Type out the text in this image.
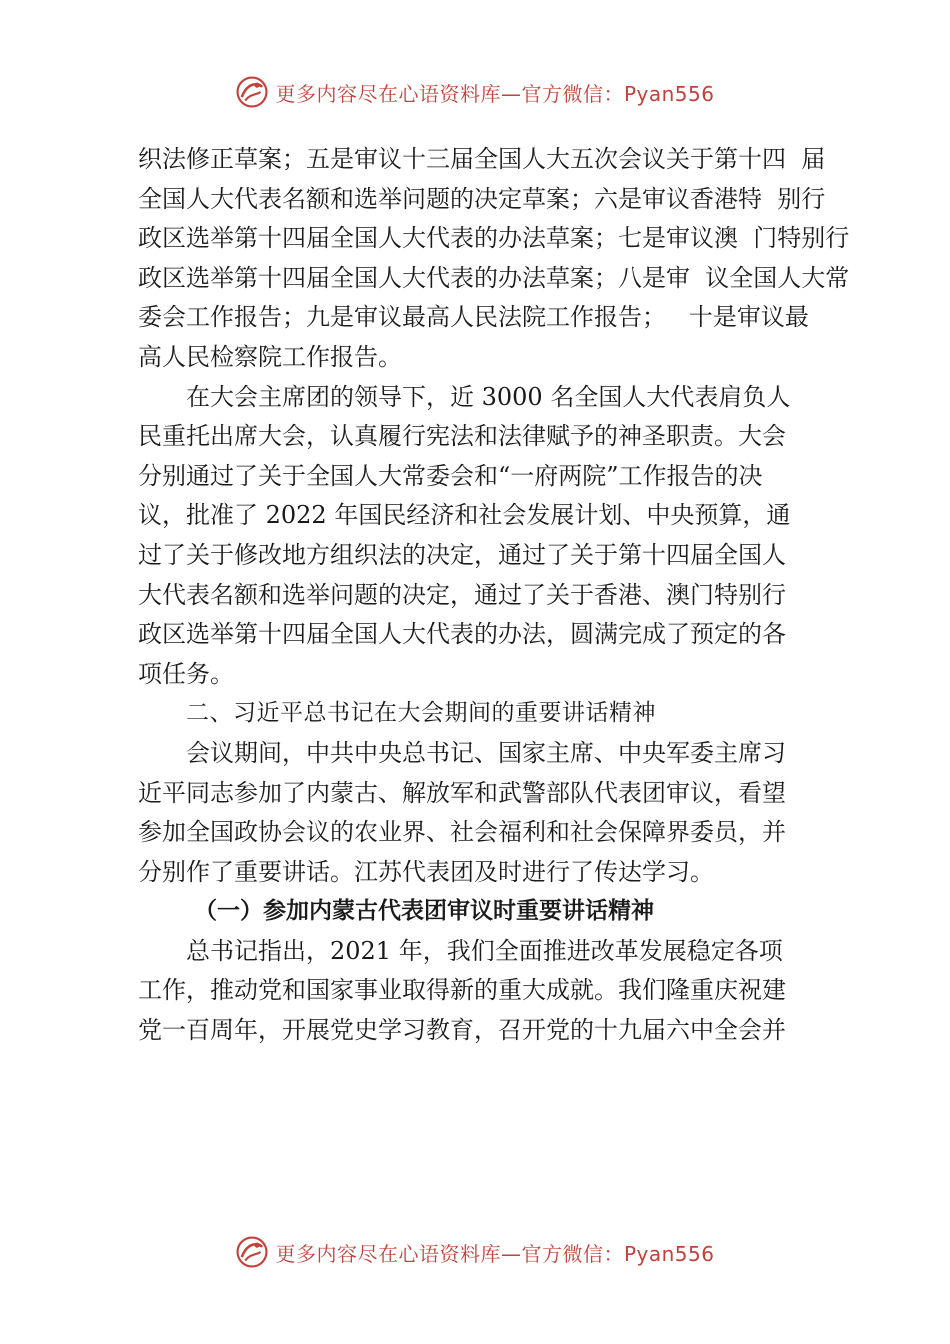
更多内容尽在心语资料库—官方微信：Pyan556
织法修正草案；五是审议十三届全国人大五次会议关于第十四  届
全国人大代表名额和选举问题的决定草案；六是审议香港特  别行
政区选举第十四届全国人大代表的办法草案；七是审议澳  门特别行
政区选举第十四届全国人大代表的办法草案；八是审  议全国人大常
委会工作报告；九是审议最高人民法院工作报告；   十是审议最
高人民检察院工作报告。
在大会主席团的领导下，近 3000 名全国人大代表肩负人
民重托出席大会，认真履行宪法和法律赋予的神圣职责。大会
分别通过了关于全国人大常委会和“一府两院”工作报告的决
议，批准了 2022 年国民经济和社会发展计划、中央预算，通
过了关于修改地方组织法的决定，通过了关于第十四届全国人
大代表名额和选举问题的决定，通过了关于香港、澳门特别行
政区选举第十四届全国人大代表的办法，圆满完成了预定的各
项任务。
二、习近平总书记在大会期间的重要讲话精神
会议期间，中共中央总书记、国家主席、中央军委主席习
近平同志参加了内蒙古、解放军和武警部队代表团审议，看望
参加全国政协会议的农业界、社会福利和社会保障界委员，并
分别作了重要讲话。江苏代表团及时进行了传达学习。
（一）参加内蒙古代表团审议时重要讲话精神
总书记指出，2021 年，我们全面推进改革发展稳定各项
工作，推动党和国家事业取得新的重大成就。我们隆重庆祝建
党一百周年，开展党史学习教育，召开党的十九届六中全会并
更多内容尽在心语资料库—官方微信：Pyan556
